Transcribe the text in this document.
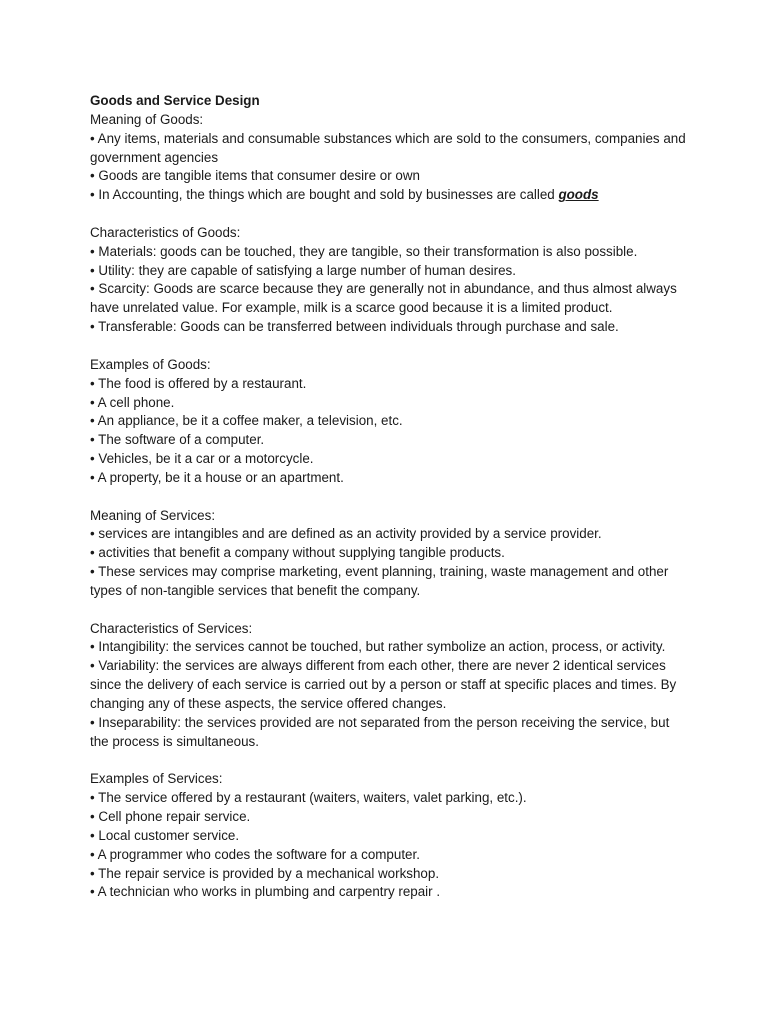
Goods and Service Design

Meaning of Goods:

• Any items, materials and consumable substances which are sold to the consumers, companies and government agencies

• Goods are tangible items that consumer desire or own

• In Accounting, the things which are bought and sold by businesses are called goods

Characteristics of Goods:

• Materials: goods can be touched, they are tangible, so their transformation is also possible.

• Utility: they are capable of satisfying a large number of human desires.

• Scarcity: Goods are scarce because they are generally not in abundance, and thus almost always have unrelated value. For example, milk is a scarce good because it is a limited product.

• Transferable: Goods can be transferred between individuals through purchase and sale.

Examples of Goods:

• The food is offered by a restaurant.

• A cell phone.

• An appliance, be it a coffee maker, a television, etc.

• The software of a computer.

• Vehicles, be it a car or a motorcycle.

• A property, be it a house or an apartment.

Meaning of Services:

• services are intangibles and are defined as an activity provided by a service provider.

• activities that benefit a company without supplying tangible products.

• These services may comprise marketing, event planning, training, waste management and other types of non-tangible services that benefit the company.

Characteristics of Services:

• Intangibility: the services cannot be touched, but rather symbolize an action, process, or activity.

• Variability: the services are always different from each other, there are never 2 identical services since the delivery of each service is carried out by a person or staff at specific places and times. By changing any of these aspects, the service offered changes.

• Inseparability: the services provided are not separated from the person receiving the service, but the process is simultaneous.

Examples of Services:

• The service offered by a restaurant (waiters, waiters, valet parking, etc.).

• Cell phone repair service.

• Local customer service.

• A programmer who codes the software for a computer.

• The repair service is provided by a mechanical workshop.

• A technician who works in plumbing and carpentry repair .
